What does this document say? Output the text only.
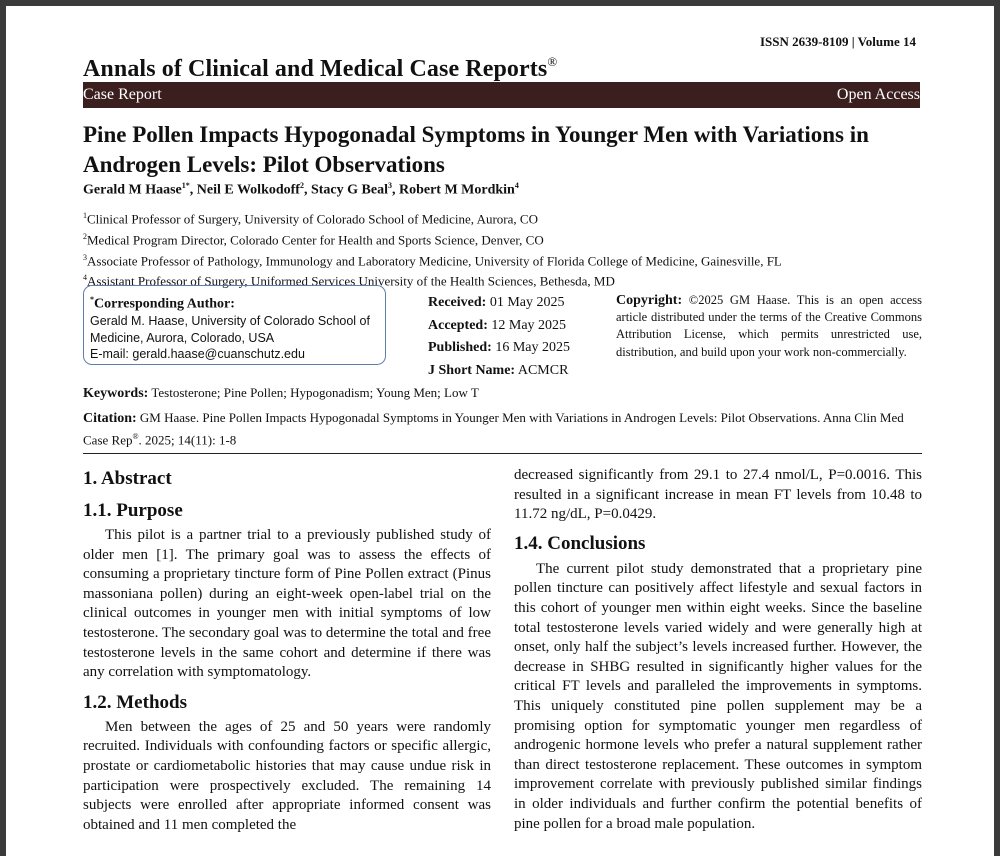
ISSN 2639-8109 | Volume 14
Annals of Clinical and Medical Case Reports®
Case Report	Open Access
Pine Pollen Impacts Hypogonadal Symptoms in Younger Men with Variations in Androgen Levels: Pilot Observations
Gerald M Haase$^{1*}$, Neil E Wolkodoff$^2$, Stacy G Beal$^3$, Robert M Mordkin$^4$
$^1$Clinical Professor of Surgery, University of Colorado School of Medicine, Aurora, CO
$^2$Medical Program Director, Colorado Center for Health and Sports Science, Denver, CO
$^3$Associate Professor of Pathology, Immunology and Laboratory Medicine, University of Florida College of Medicine, Gainesville, FL
$^4$Assistant Professor of Surgery, Uniformed Services University of the Health Sciences, Bethesda, MD
*Corresponding Author:
Gerald M. Haase, University of Colorado School of
Medicine, Aurora, Colorado, USA
E-mail: gerald.haase@cuanschutz.edu
Received: 01 May 2025
Accepted: 12 May 2025
Published: 16 May 2025
J Short Name: ACMCR
Copyright: ©2025 GM Haase. This is an open access article distributed under the terms of the Creative Commons Attribution License, which permits unrestricted use, distribution, and build upon your work non-commercially.
Keywords: Testosterone; Pine Pollen; Hypogonadism; Young Men; Low T
Citation: GM Haase. Pine Pollen Impacts Hypogonadal Symptoms in Younger Men with Variations in Androgen Levels: Pilot Observations. Anna Clin Med Case Rep®. 2025; 14(11): 1-8
1. Abstract
1.1. Purpose

This pilot is a partner trial to a previously published study of older men [1]. The primary goal was to assess the effects of consuming a proprietary tincture form of Pine Pollen extract (Pinus massoniana pollen) during an eight-week open-label trial on the clinical outcomes in younger men with initial symptoms of low testosterone. The secondary goal was to determine the total and free testosterone levels in the same cohort and determine if there was any correlation with symptomatology.

1.2. Methods

Men between the ages of 25 and 50 years were randomly recruited. Individuals with confounding factors or specific allergic, prostate or cardiometabolic histories that may cause undue risk in participation were prospectively excluded. The remaining 14 subjects were enrolled after appropriate informed consent was obtained and 11 men completed the

decreased significantly from 29.1 to 27.4 nmol/L, P=0.0016. This resulted in a significant increase in mean FT levels from 10.48 to 11.72 ng/dL, P=0.0429.

1.4. Conclusions

The current pilot study demonstrated that a proprietary pine pollen tincture can positively affect lifestyle and sexual factors in this cohort of younger men within eight weeks. Since the baseline total testosterone levels varied widely and were generally high at onset, only half the subject’s levels increased further. However, the decrease in SHBG resulted in significantly higher values for the critical FT levels and paralleled the improvements in symptoms. This uniquely constituted pine pollen supplement may be a promising option for symptomatic younger men regardless of androgenic hormone levels who prefer a natural supplement rather than direct testosterone replacement. These outcomes in symptom improvement correlate with previously published similar findings in older individuals and further confirm the potential benefits of pine pollen for a broad male population.
